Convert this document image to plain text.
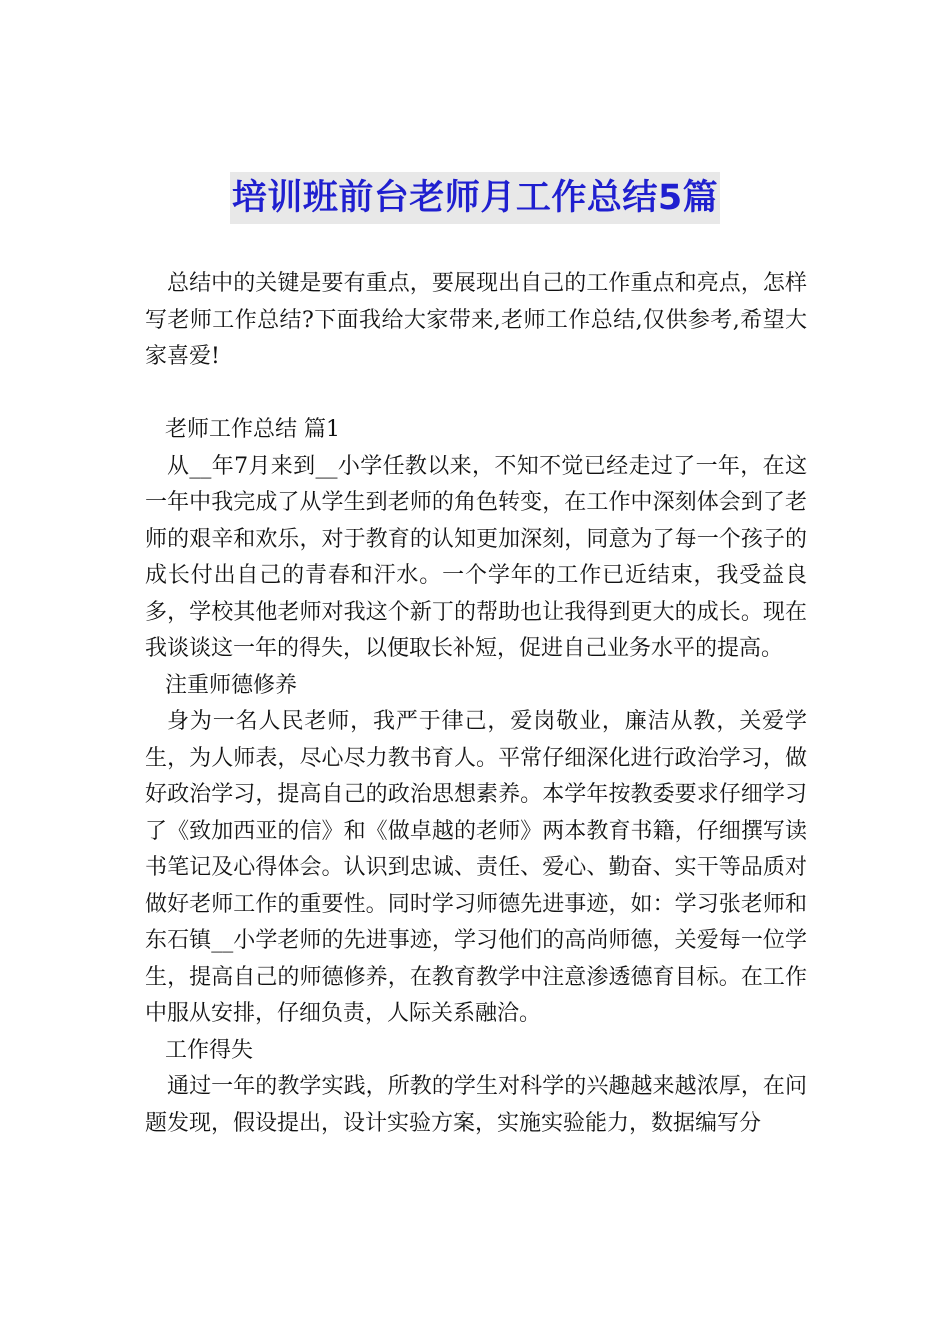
培训班前台老师月工作总结5篇

总结中的关键是要有重点，要展现出自己的工作重点和亮点，怎样写老师工作总结?下面我给大家带来,老师工作总结,仅供参考,希望大家喜爱!

老师工作总结 篇1

从__年7月来到__小学任教以来，不知不觉已经走过了一年，在这一年中我完成了从学生到老师的角色转变，在工作中深刻体会到了老师的艰辛和欢乐，对于教育的认知更加深刻，同意为了每一个孩子的成长付出自己的青春和汗水。一个学年的工作已近结束，我受益良多，学校其他老师对我这个新丁的帮助也让我得到更大的成长。现在我谈谈这一年的得失，以便取长补短，促进自己业务水平的提高。

注重师德修养

身为一名人民老师，我严于律己，爱岗敬业，廉洁从教，关爱学生，为人师表，尽心尽力教书育人。平常仔细深化进行政治学习，做好政治学习，提高自己的政治思想素养。本学年按教委要求仔细学习了《致加西亚的信》和《做卓越的老师》两本教育书籍，仔细撰写读书笔记及心得体会。认识到忠诚、责任、爱心、勤奋、实干等品质对做好老师工作的重要性。同时学习师德先进事迹，如：学习张老师和东石镇__小学老师的先进事迹，学习他们的高尚师德，关爱每一位学生，提高自己的师德修养，在教育教学中注意渗透德育目标。在工作中服从安排，仔细负责，人际关系融洽。

工作得失

通过一年的教学实践，所教的学生对科学的兴趣越来越浓厚，在问题发现，假设提出，设计实验方案，实施实验能力，数据编写分
